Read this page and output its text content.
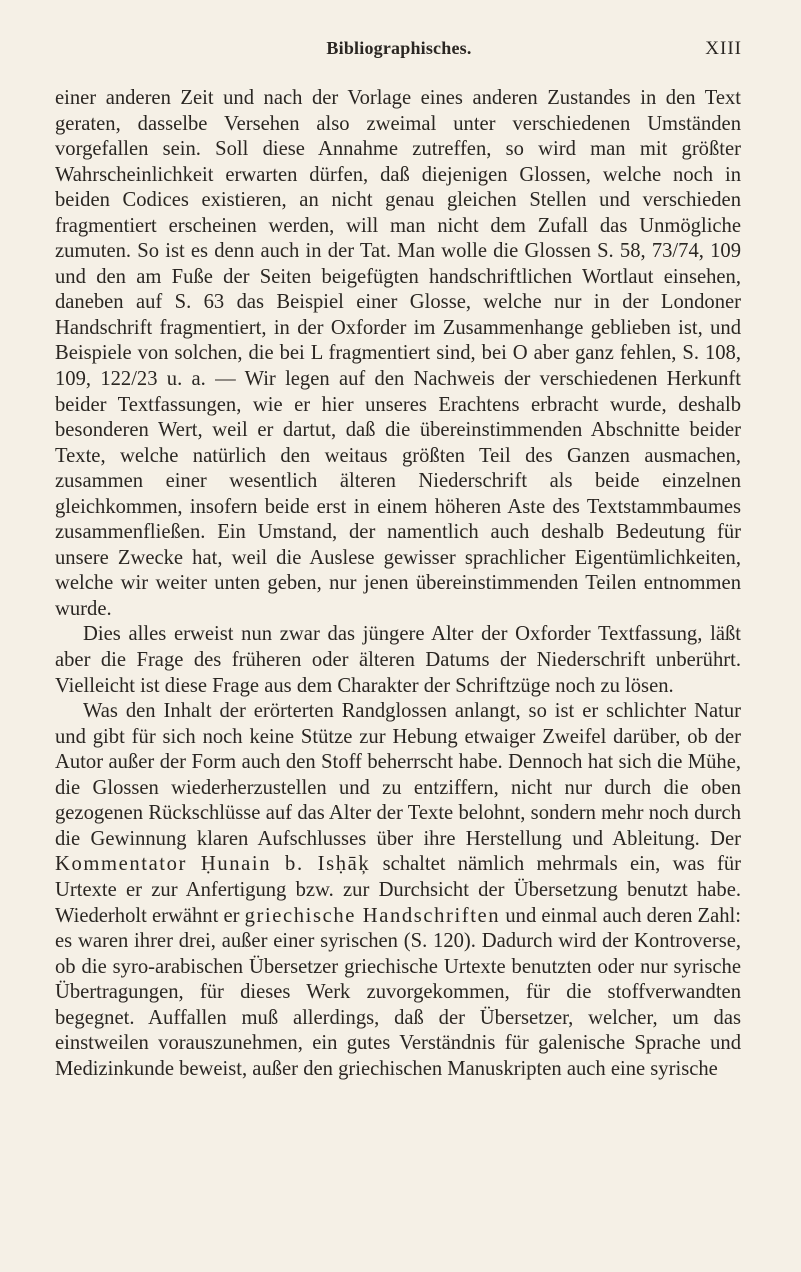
Bibliographisches.	XIII

einer anderen Zeit und nach der Vorlage eines anderen Zustandes in den Text geraten, dasselbe Versehen also zweimal unter verschiedenen Umständen vorgefallen sein. Soll diese Annahme zutreffen, so wird man mit größter Wahrscheinlichkeit erwarten dürfen, daß diejenigen Glossen, welche noch in beiden Codices existieren, an nicht genau gleichen Stellen und verschieden fragmentiert erscheinen werden, will man nicht dem Zufall das Unmögliche zumuten. So ist es denn auch in der Tat. Man wolle die Glossen S. 58, 73/74, 109 und den am Fuße der Seiten beigefügten handschriftlichen Wortlaut einsehen, daneben auf S. 63 das Beispiel einer Glosse, welche nur in der Londoner Handschrift fragmentiert, in der Oxforder im Zusammenhange geblieben ist, und Beispiele von solchen, die bei L fragmentiert sind, bei O aber ganz fehlen, S. 108, 109, 122/23 u. a. — Wir legen auf den Nachweis der verschiedenen Herkunft beider Textfassungen, wie er hier unseres Erachtens erbracht wurde, deshalb besonderen Wert, weil er dartut, daß die übereinstimmenden Abschnitte beider Texte, welche natürlich den weitaus größten Teil des Ganzen ausmachen, zusammen einer wesentlich älteren Niederschrift als beide einzelnen gleichkommen, insofern beide erst in einem höheren Aste des Textstammbaumes zusammenfließen. Ein Umstand, der namentlich auch deshalb Bedeutung für unsere Zwecke hat, weil die Auslese gewisser sprachlicher Eigentümlichkeiten, welche wir weiter unten geben, nur jenen übereinstimmenden Teilen entnommen wurde.

Dies alles erweist nun zwar das jüngere Alter der Oxforder Textfassung, läßt aber die Frage des früheren oder älteren Datums der Niederschrift unberührt. Vielleicht ist diese Frage aus dem Charakter der Schriftzüge noch zu lösen.

Was den Inhalt der erörterten Randglossen anlangt, so ist er schlichter Natur und gibt für sich noch keine Stütze zur Hebung etwaiger Zweifel darüber, ob der Autor außer der Form auch den Stoff beherrscht habe. Dennoch hat sich die Mühe, die Glossen wiederherzustellen und zu entziffern, nicht nur durch die oben gezogenen Rückschlüsse auf das Alter der Texte belohnt, sondern mehr noch durch die Gewinnung klaren Aufschlusses über ihre Herstellung und Ableitung. Der Kommentator Ḥunain b. Isḥāķ schaltet nämlich mehrmals ein, was für Urtexte er zur Anfertigung bzw. zur Durchsicht der Übersetzung benutzt habe. Wiederholt erwähnt er griechische Handschriften und einmal auch deren Zahl: es waren ihrer drei, außer einer syrischen (S. 120). Dadurch wird der Kontroverse, ob die syro-arabischen Übersetzer griechische Urtexte benutzten oder nur syrische Übertragungen, für dieses Werk zuvorgekommen, für die stoffverwandten begegnet. Auffallen muß allerdings, daß der Übersetzer, welcher, um das einstweilen vorauszunehmen, ein gutes Verständnis für galenische Sprache und Medizinkunde beweist, außer den griechischen Manuskripten auch eine syrische
